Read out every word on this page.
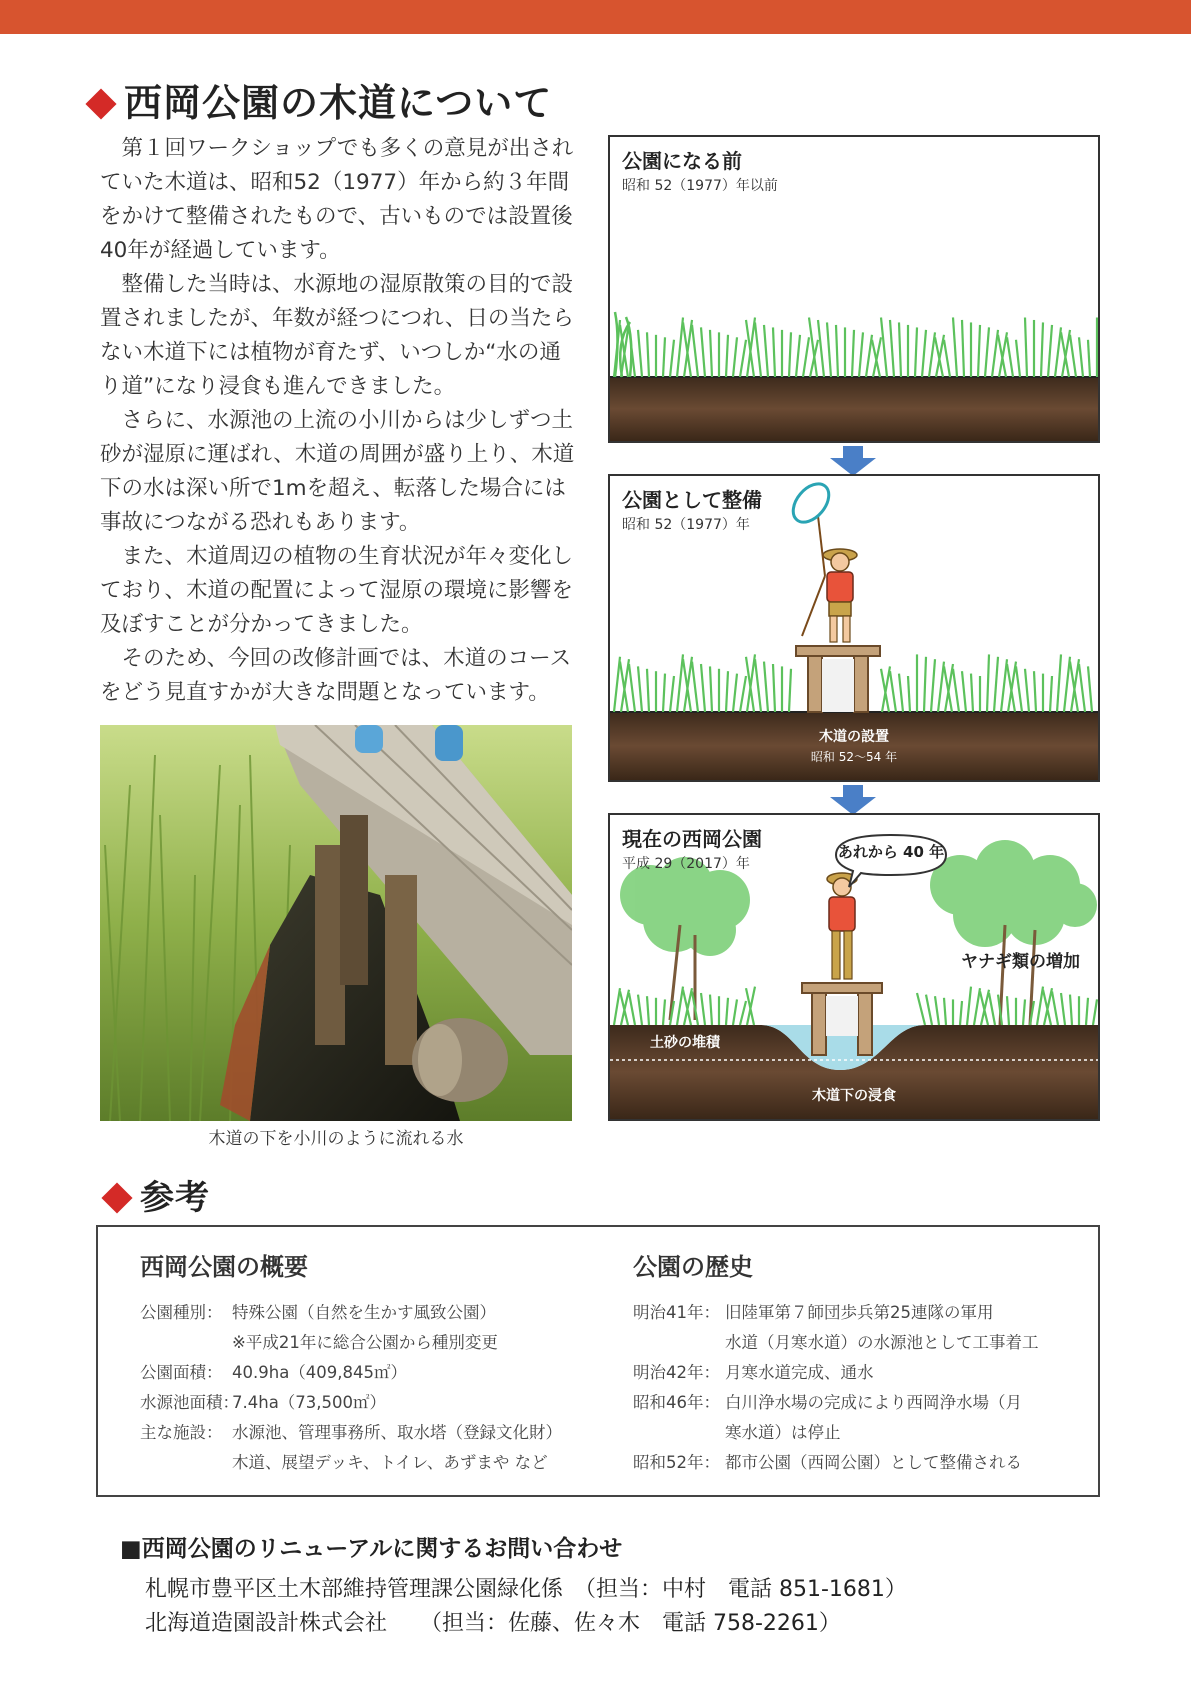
西岡公園の木道について

第１回ワークショップでも多くの意見が出されていた木道は、昭和52（1977）年から約３年間をかけて整備されたもので、古いものでは設置後40年が経過しています。

整備した当時は、水源地の湿原散策の目的で設置されましたが、年数が経つにつれ、日の当たらない木道下には植物が育たず、いつしか“水の通り道”になり浸食も進んできました。

さらに、水源池の上流の小川からは少しずつ土砂が湿原に運ばれ、木道の周囲が盛り上り、木道下の水は深い所で1mを超え、転落した場合には事故につながる恐れもあります。

また、木道周辺の植物の生育状況が年々変化しており、木道の配置によって湿原の環境に影響を及ぼすことが分かってきました。

そのため、今回の改修計画では、木道のコースをどう見直すかが大きな問題となっています。

木道の下を小川のように流れる水
公園になる前
昭和 52（1977）年以前
公園として整備
昭和 52（1977）年
木道の設置
昭和 52〜54 年
現在の西岡公園
平成 29（2017）年
あれから 40 年
ヤナギ類の増加
土砂の堆積
木道下の浸食
参考
西岡公園の概要	公園の歴史
公園種別： 特殊公園（自然を生かす風致公園）
※平成21年に総合公園から種別変更
公園面積： 40.9ha（409,845㎡）
水源池面積：7.4ha（73,500㎡）
主な施設： 水源池、管理事務所、取水塔（登録文化財）
木道、展望デッキ、トイレ、あずまや など
明治41年： 旧陸軍第７師団歩兵第25連隊の軍用
水道（月寒水道）の水源池として工事着工
明治42年： 月寒水道完成、通水
昭和46年： 白川浄水場の完成により西岡浄水場（月
寒水道）は停止
昭和52年： 都市公園（西岡公園）として整備される
■西岡公園のリニューアルに関するお問い合わせ
札幌市豊平区土木部維持管理課公園緑化係　（担当：中村　電話 851-1681）
北海道造園設計株式会社　　（担当：佐藤、佐々木　電話 758-2261）
